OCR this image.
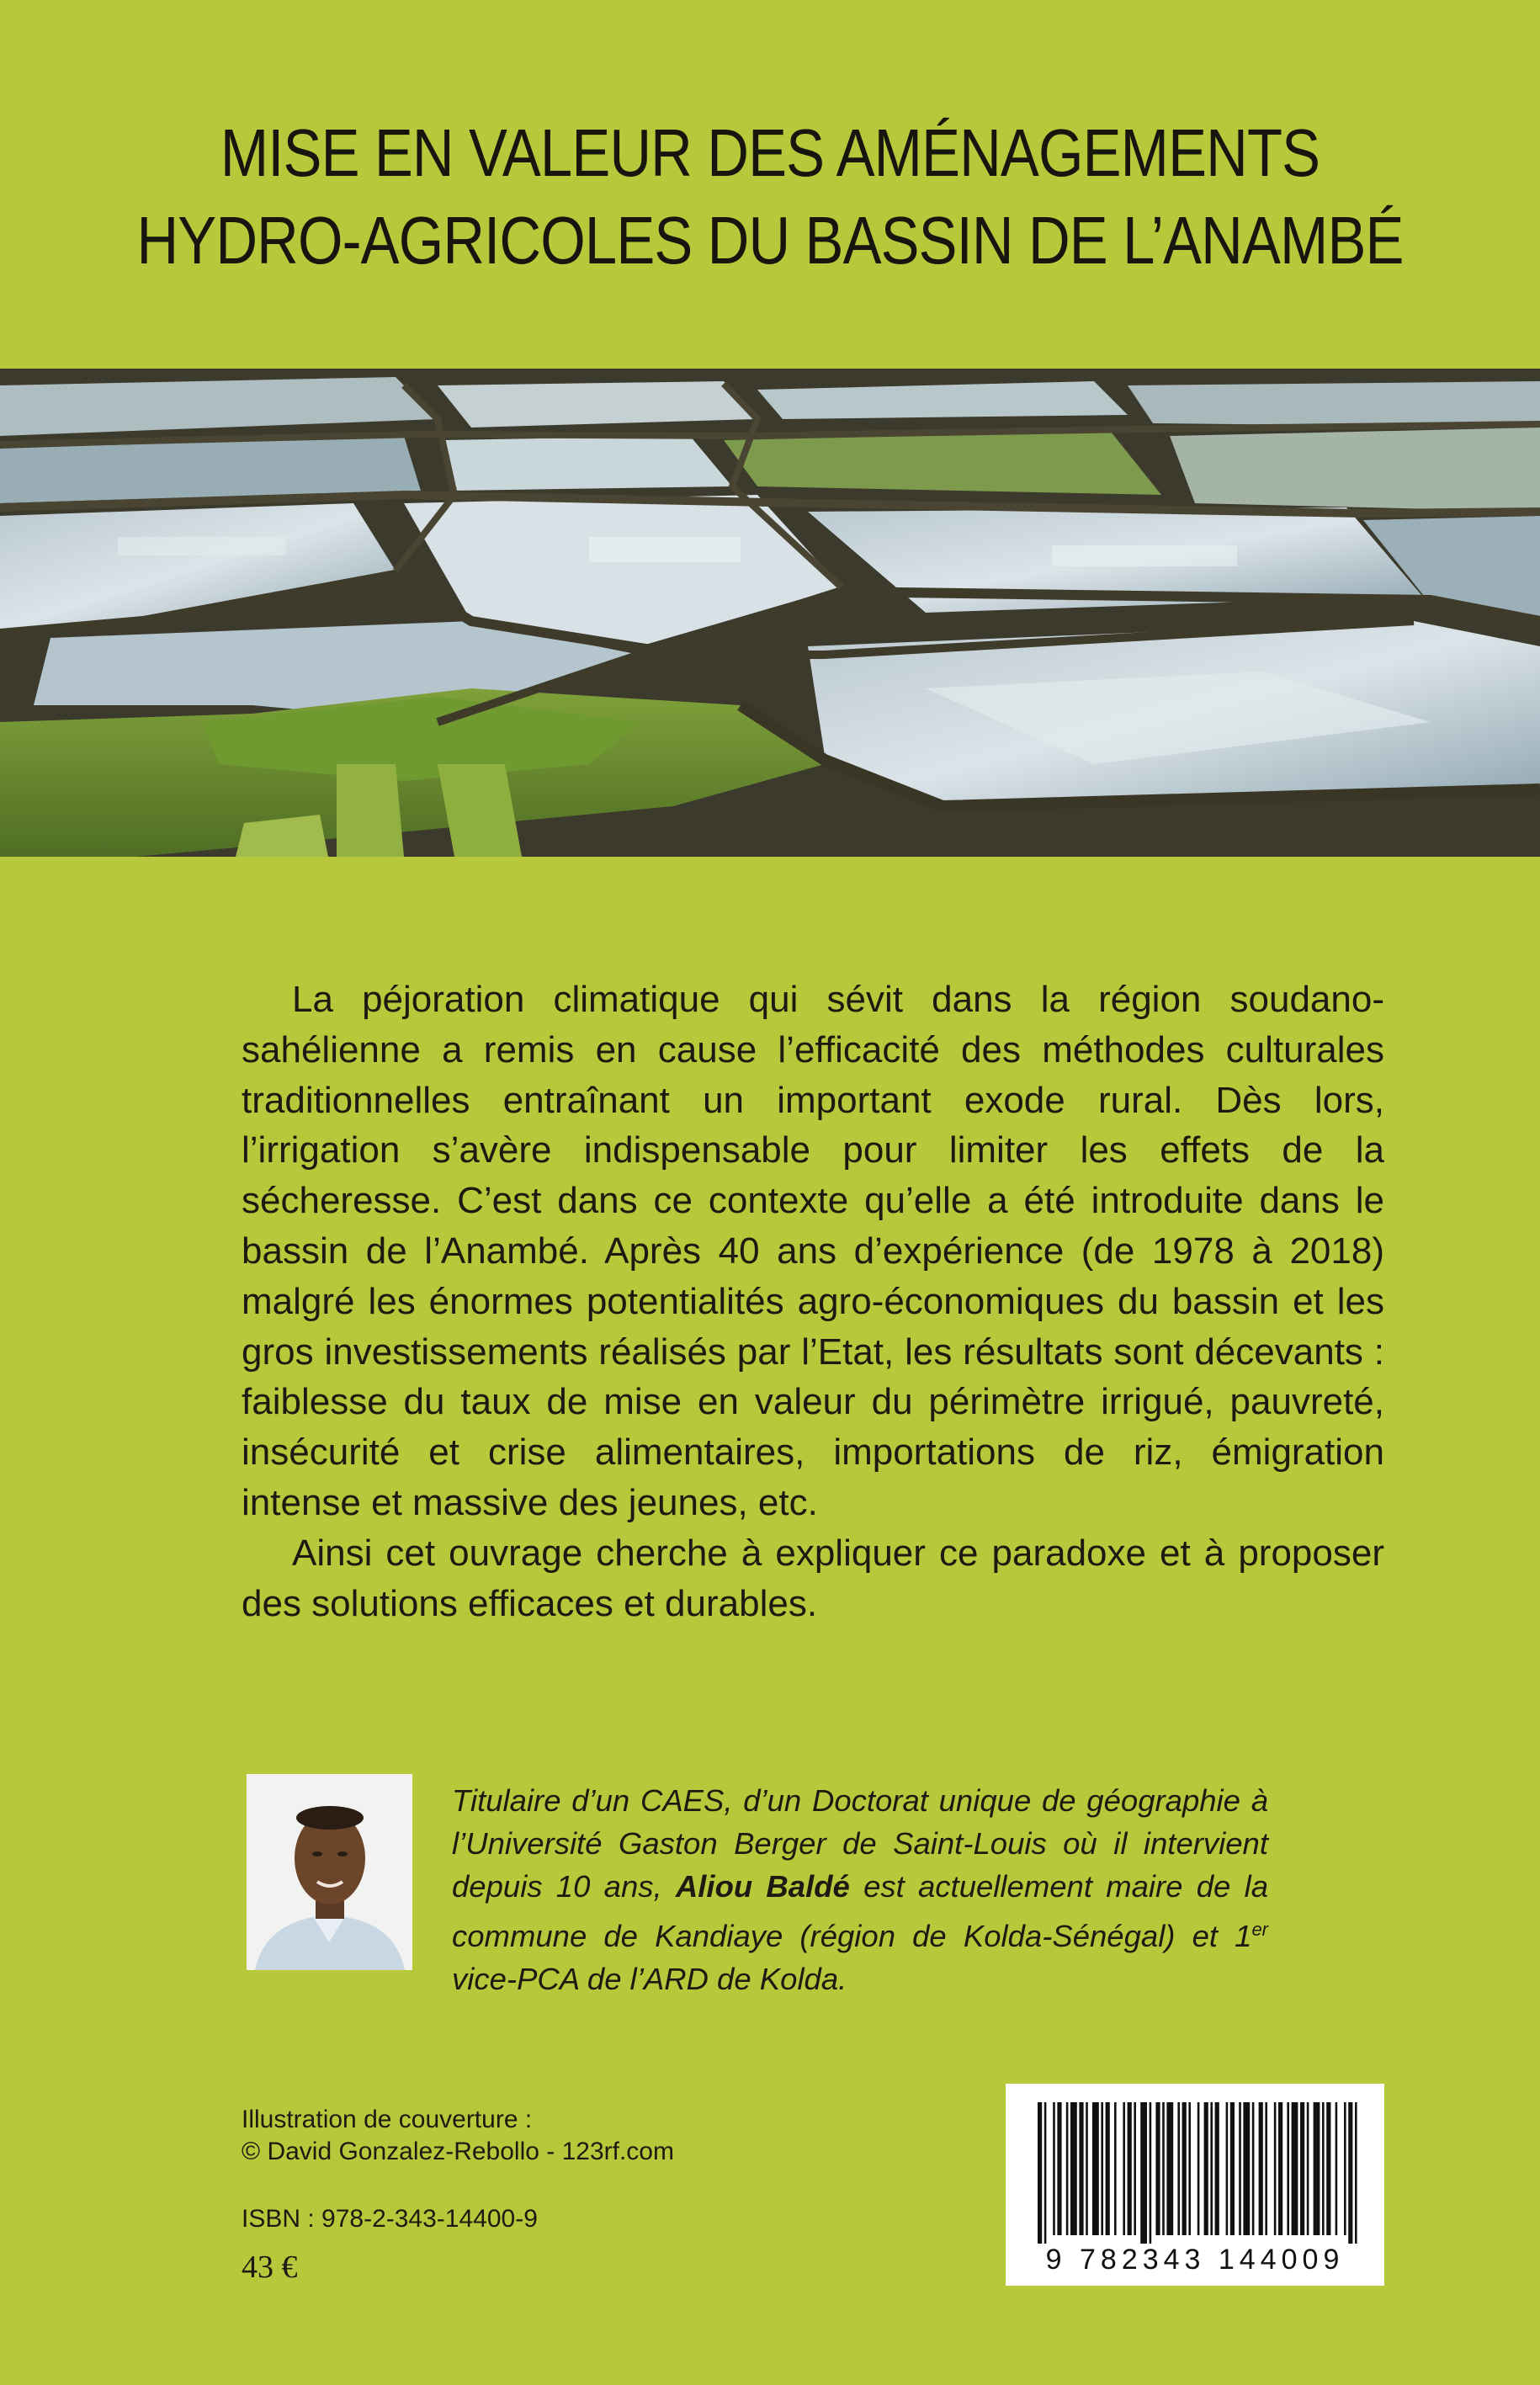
MISE EN VALEUR DES AMÉNAGEMENTS
HYDRO-AGRICOLES DU BASSIN DE L’ANAMBÉ

La péjoration climatique qui sévit dans la région soudano-sahélienne a remis en cause l’efficacité des méthodes culturales traditionnelles entraînant un important exode rural. Dès lors, l’irrigation s’avère indispensable pour limiter les effets de la sécheresse. C’est dans ce contexte qu’elle a été introduite dans le bassin de l’Anambé. Après 40 ans d’expérience (de 1978 à 2018) malgré les énormes potentialités agro-économiques du bassin et les gros investissements réalisés par l’Etat, les résultats sont décevants : faiblesse du taux de mise en valeur du périmètre irrigué, pauvreté, insécurité et crise alimentaires, importations de riz, émigration intense et massive des jeunes, etc.

Ainsi cet ouvrage cherche à expliquer ce paradoxe et à proposer des solutions efficaces et durables.

Titulaire d’un CAES, d’un Doctorat unique de géographie à l’Université Gaston Berger de Saint-Louis où il intervient depuis 10 ans, Aliou Baldé est actuellement maire de la commune de Kandiaye (région de Kolda-Sénégal) et 1er vice-PCA de l’ARD de Kolda.
Illustration de couverture :
© David Gonzalez-Rebollo - 123rf.com
ISBN : 978-2-343-14400-9
43 €	9 782343 144009
